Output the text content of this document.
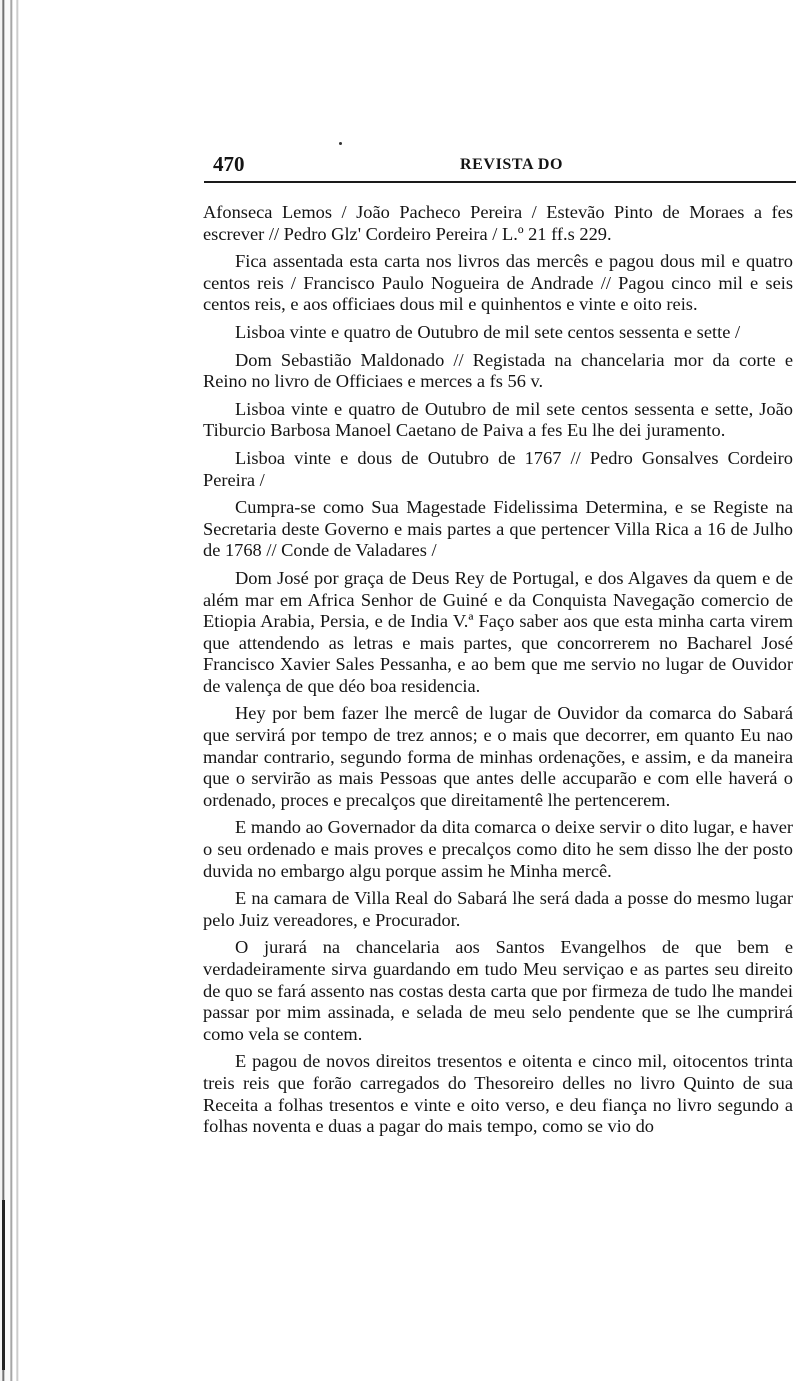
470	REVISTA DO

Afonseca Lemos / João Pacheco Pereira / Estevão Pinto de Moraes a fes escrever // Pedro Glz' Cordeiro Pereira / L.º 21 ff.s 229.

Fica assentada esta carta nos livros das mercês e pagou dous mil e quatro centos reis / Francisco Paulo Nogueira de Andrade // Pagou cinco mil e seis centos reis, e aos officiaes dous mil e quinhentos e vinte e oito reis.

Lisboa vinte e quatro de Outubro de mil sete centos sessenta e sette /

Dom Sebastião Maldonado // Registada na chancelaria mor da corte e Reino no livro de Officiaes e merces a fs 56 v.

Lisboa vinte e quatro de Outubro de mil sete centos sessenta e sette, João Tiburcio Barbosa Manoel Caetano de Paiva a fes Eu lhe dei juramento.

Lisboa vinte e dous de Outubro de 1767 // Pedro Gonsalves Cordeiro Pereira /

Cumpra-se como Sua Magestade Fidelissima Determina, e se Registe na Secretaria deste Governo e mais partes a que pertencer Villa Rica a 16 de Julho de 1768 // Conde de Valadares /

Dom José por graça de Deus Rey de Portugal, e dos Algaves da quem e de além mar em Africa Senhor de Guiné e da Conquista Navegação comercio de Etiopia Arabia, Persia, e de India V.ª Faço saber aos que esta minha carta virem que attendendo as letras e mais partes, que concorrerem no Bacharel José Francisco Xavier Sales Pessanha, e ao bem que me servio no lugar de Ouvidor de valença de que déo boa residencia.

Hey por bem fazer lhe mercê de lugar de Ouvidor da comarca do Sabará que servirá por tempo de trez annos; e o mais que decorrer, em quanto Eu nao mandar contrario, segundo forma de minhas ordenações, e assim, e da maneira que o servirão as mais Pessoas que antes delle accuparão e com elle haverá o ordenado, proces e precalços que direitamentê lhe pertencerem.

E mando ao Governador da dita comarca o deixe servir o dito lugar, e haver o seu ordenado e mais proves e precalços como dito he sem disso lhe der posto duvida no embargo algu porque assim he Minha mercê.

E na camara de Villa Real do Sabará lhe será dada a posse do mesmo lugar pelo Juiz vereadores, e Procurador.

O jurará na chancelaria aos Santos Evangelhos de que bem e verdadeiramente sirva guardando em tudo Meu serviçao e as partes seu direito de quo se fará assento nas costas desta carta que por firmeza de tudo lhe mandei passar por mim assinada, e selada de meu selo pendente que se lhe cumprirá como vela se contem.

E pagou de novos direitos tresentos e oitenta e cinco mil, oitocentos trinta treis reis que forão carregados do Thesoreiro delles no livro Quinto de sua Receita a folhas tresentos e vinte e oito verso, e deu fiança no livro segundo a folhas noventa e duas a pagar do mais tempo, como se vio do
